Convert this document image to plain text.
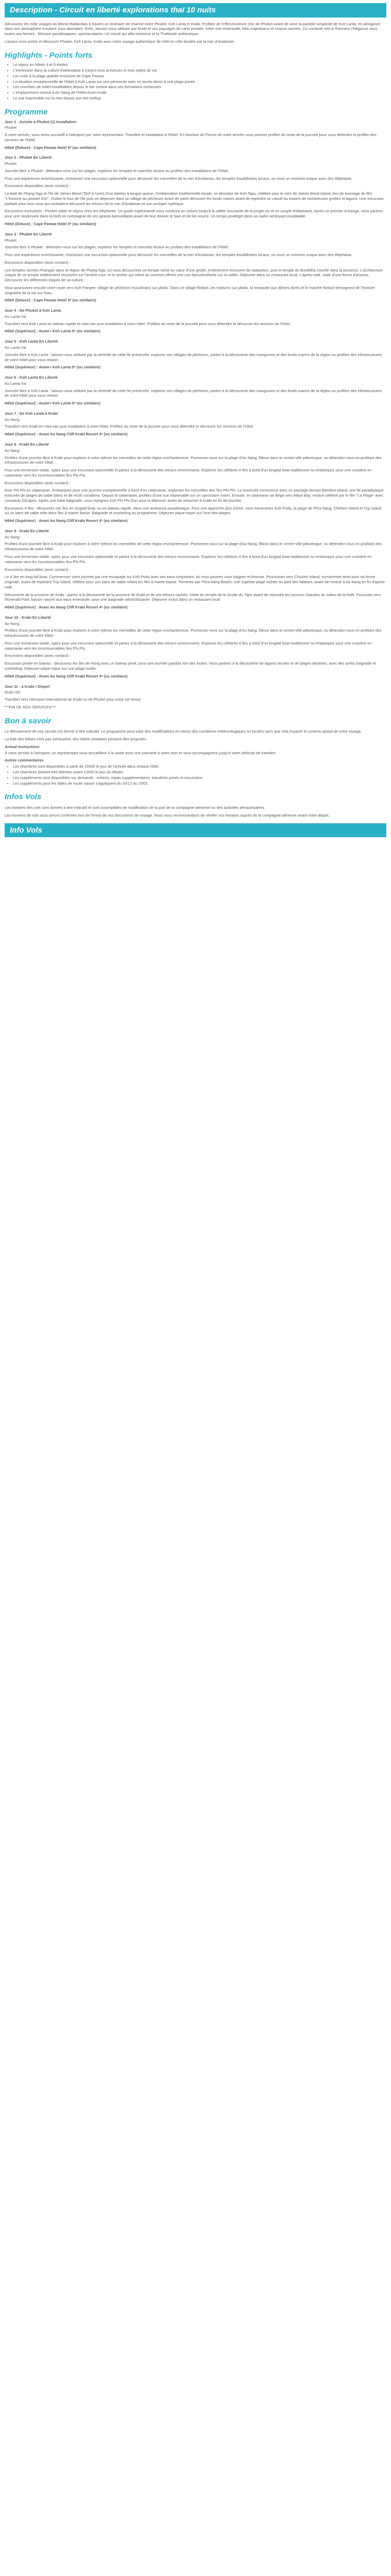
Description - Circuit en liberté explorations thaï 10 nuits

Découvrez les mille visages du littoral thaïlandais à travers un itinéraire de charme entre Phuket, Koh Lanta et Krabi. Profitez de l'effervescence chic de Phuket avant de vivre la paisible simplicité de Koh Lanta, en plongeant dans son atmosphère insulaire sous abondant. Enfin, laissez-vous séduire par Krabi et ses paysages de carte postale, entre mer émeraude, falis majestueux et cirques secrets. Ce combiné met à l'honneur l'élégance sous toutes ses formes : littoraux paradisiaques, spectaculaires. Un circuit qui allie exotisme et la Thaïlande authentique.

Laissez-vous porter et découvrir Phuket, Koh Lanta, Krabi avec notre voyage authentique de côté en côte bordée par la mer d'Andaman.

Highlights - Points forts
• Le séjour en hôtels 4 et 5 étoiles
• L'immersion dans la culture thaïlandaise à travers trois provinces et trois styles de vie
• Les nuits à la plage grande exclusive de Cape Panwa
• La situation exceptionnelle de l'hôtel à Koh Lanta sur une péninsule avec un accès direct à une plage privée
• Les couchers de soleil inoubliables depuis le bar central dans ses formations rocheuses
• L'emplacement central à Ao Nang de l'hôtel Avani Krabi
• Le vue imprenable sur la mer depuis son toit rooftop
Programme
Jour 1 - Arrivée à Phuket (1) Installation
Phuket

À votre arrivée, vous serez accueilli à l'aéroport par votre représentant. Transfert et installation à l'hôtel. En fonction de l'heure de votre arrivée vous pourrez profiter du reste de la journée pour vous détendre et profiter des services de l'hôtel.

Hôtel (Deluxe) : Cape Panwa Hotel 5* (ou similaire)
Jour 2 - Phuket En Liberté
Phuket

Journée libre à Phuket : détendez-vous sur les plages, explorez les temples et marchés locaux ou profitez des installations de l'hôtel.

Pour une expérience enrichissante, choisissez une excursion optionnelle pour découvrir les merveilles de la mer d'Andaman, les temples bouddhistes locaux, ou vivre un moment unique avec des éléphants.

Excursions disponibles (avec contact) :

La baie de Phang Nga et l'île de James Bond (Tarif à l'avis) D'un bateau à longue queue, l'embarcation traditionnelle locale, en direction de Koh Tapu, célèbre pour le nom de James Bond Island, lieu de tournage du film "L'homme au pistolet d'or". Visitez le tour de l'île puis un déjeuner dans un village de pêcheurs avant de partir découvrir les fonds marins avant de rejoindre un canoë au travers de nombreuses grottes et lagons. Une excursion parfaite pour tous ceux qui souhaitent découvrir les trésors de la mer d'Andaman et son archipel mythique.

Excursions exclusives : Phuket safari et séjour chez les éléphants. Un guide expérimenté vous conduira en voiture jusqu'à la vallée luxuriante de la jungle où vit un couple d'éléphants. Après un premier échange, vous partirez pour une randonnée dans la forêt en compagnie de ces géants bienveillants avant de leur donner le bain et de les nourrir. Un temps privilégié dans un cadre verdoyant inoubliable.

Hôtel (Deluxe) : Cape Panwa Hotel 5* (ou similaire)
Jour 3 - Phuket En Liberté
Phuket

Journée libre à Phuket : détendez-vous sur les plages, explorez les temples et marchés locaux ou profitez des installations de l'hôtel.

Pour une expérience enrichissante, choisissez une excursion optionnelle pour découvrir les merveilles de la mer d'Andaman, les temples bouddhistes locaux, ou vivre un moment unique avec des éléphants.

Excursions disponibles (avec contact) :

Les temples secrets Phangan dans la région de Phang Nga, où vous découvrirez un temple niché au cœur d'une grotte, entièrement recouvert de stalactites, puis le temple du Bouddha couché dans la province. L'architecture unique de ce temple entièrement recouvert sur l'arrière-cour, et le sentier qui mène au sommet offrent une vue époustouflante sur la vallée. Déjeuner dans un restaurant local. L'après-midi, visite d'une ferme d'ananas. Découvrez les différentes étapes de sa culture.

Vous poursuivez ensuite votre route vers Koh Panyee, village de pêcheurs musulmans sur pilotis. Dans ce village flottant, les maisons sur pilotis, la mosquée aux dômes dorés et le marché flottant témoignent de l'histoire singulière de la vie sur l'eau.

Hôtel (Deluxe) : Cape Panwa Hotel 5* (ou similaire)
Jour 4 - De Phuket à Koh Lanta
Ko Lanta Yai

Transfert vers Koh Lanta en bateau rapide et mini-van puis installation à votre hôtel. Profitez du reste de la journée pour vous détendre et découvrir les services de l'hôtel.

Hôtel (Supérieur) : Avani+ Koh Lanta 5* (ou similaire)
Jour 5 - Koh Lanta En Liberté
Ko Lanta Yai

Journée libre à Koh Lanta : laissez-vous séduire par la sérénité de cette île préservée, explorez ses villages de pêcheurs, partez à la découverte des mangroves et des fonds marins de la région ou profitez des infrastructures de votre hôtel pour vous relaxer.

Hôtel (Supérieur) : Avani+ Koh Lanta 5* (ou similaire)
Jour 6 - Koh Lanta En Liberté
Ko Lanta Yai

Journée libre à Koh Lanta : laissez-vous séduire par la sérénité de cette île préservée, explorez ses villages de pêcheurs, partez à la découverte des mangroves et des fonds marins de la région ou profitez des infrastructures de votre hôtel pour vous relaxer.

Hôtel (Supérieur) : Avani+ Koh Lanta 5* (ou similaire)
Jour 7 - De Koh Lanta à Krabi
Ao Nang

Transfert vers Krabi en mini-van puis installation à votre hôtel. Profitez du reste de la journée pour vous détendre et découvrir les services de l'hôtel.

Hôtel (Supérieur) : Avani Ao Nang Cliff Krabi Resort 4* (ou similaire)
Jour 8 - Krabi En Liberté
Ao Nang

Profitez d'une journée libre à Krabi pour explorer à votre rythme les merveilles de cette région enchanteresse. Promenez-vous sur la plage d'Ao Nang, flânez dans le centre-ville pittoresque, ou détendez-vous en profitant des infrastructures de votre hôtel.

Pour une immersion totale, optez pour une excursion optionnelle et partez à la découverte des trésors environnants. Explorez les célèbres 4 îles à bord d'un longtail boat traditionnel ou embarquez pour une croisière en catamaran vers les incontournables îles Phi Phi.

Excursions disponibles (avec contact) :

Ever Phi Phi en catamaran. Embarquez pour une journée exceptionnelle à bord d'un catamaran, explorant les merveilles des îles Phi Phi. La traversée commence avec un passage devant Bamboo Island, une île paradisiaque entourée de plages de sable blanc et de récifs coralliens. Depuis le catamaran, profitez d'une vue imprenable sur un sanctuaire marin. Ensuite, le catamaran se dirige vers Maya Bay, rendue célèbre par le film "La Plage" avec Leonardo DiCaprio. Après une halte baignade, vous rejoignez Koh Phi Phi Don pour le déjeuner avant de retourner à Krabi en fin de journée.

Excursions 4 îles : découvrez ces îles en longtail boat, ou en bateau rapide, dans une ambiance paradisiaque. Pour une approche plus intime, vous traverserez Koh Poda, la plage de Phra Nang, Chicken Island et Tup Island où un banc de sable relie deux îles à marée basse. Baignade et snorkeling au programme. Déjeuner pique-nique sur l'une des plages.

Hôtel (Supérieur) : Avani Ao Nang Cliff Krabi Resort 4* (ou similaire)
Jour 9 - Krabi En Liberté
Ao Nang

Profitez d'une journée libre à Krabi pour explorer à votre rythme les merveilles de cette région enchanteresse. Promenez-vous sur la plage d'Ao Nang, flânez dans le centre-ville pittoresque, ou détendez-vous en profitant des infrastructures de votre hôtel.

Pour une immersion totale, optez pour une excursion optionnelle et partez à la découverte des trésors environnants. Explorez les célèbres 4 îles à bord d'un longtail boat traditionnel ou embarquez pour une croisière en catamaran vers les incontournables îles Phi Phi.

Excursions disponibles (avec contact) :

Le 4 îles en long tail boat. Commencez votre journée par une escapade sur Koh Poda avec ses eaux turquoises, où vous pourrez vous baigner et bronzer. Poursuivez vers Chicken Island, surnommée ainsi pour sa forme originale, avant de rejoindre Tup Island, célèbre pour son banc de sable reliant les îles à marée basse. Terminez par Phra Nang Beach, une superbe plage nichée au pied des falaises, avant de revenir à Ao Nang en fin d'après-midi.

Découverte de la province de Krabi : partez à la découverte de la province de Krabi et de ses trésors cachés. Visite du temple de la Grotte du Tigre avant de rejoindre les sources chaudes au milieu de la forêt. Poursuite vers l'Emerald Pool, bassin naturel aux eaux émeraude, pour une baignade rafraîchissante. Déjeuner inclus dans un restaurant local.

Hôtel (Supérieur) : Avani Ao Nang Cliff Krabi Resort 4* (ou similaire)
Jour 10 - Krabi En Liberté
Ao Nang

Profitez d'une journée libre à Krabi pour explorer à votre rythme les merveilles de cette région enchanteresse. Promenez-vous sur la plage d'Ao Nang, flânez dans le centre-ville pittoresque, ou détendez-vous en profitant des infrastructures de votre hôtel.

Pour une immersion totale, optez pour une excursion optionnelle et partez à la découverte des trésors environnants. Explorez les célèbres 4 îles à bord d'un longtail boat traditionnel ou embarquez pour une croisière en catamaran vers les incontournables îles Phi Phi.

Excursions disponibles (avec contact) :

Excursion privée en bateau : découvrez les îles de Hong avec un bateau privé, pour une journée paisible loin des foules. Vous partirez à la découverte de lagons secrets et de plages désertes, avec des arrêts baignade et snorkeling. Déjeuner pique-nique sur une plage isolée.

Hôtel (Supérieur) : Avani Ao Nang Cliff Krabi Resort 4* (ou similaire)
Jour 11 - à Krabi / Départ
Krabi Vol

Transfert vers l'aéroport international de Krabi ou de Phuket pour votre vol retour.

***FIN DE NOS SERVICES***

Bon à savoir

Le déroulement de nos circuits est donné à titre indicatif. Le programme peut subir des modifications en raison des conditions météorologiques ou locales sans que cela impacte le contenu global de votre voyage.

La liste des hôtels n'est pas exhaustive, des hôtels similaires peuvent être proposés.

Arrival instructions

À votre arrivée à l'aéroport, un représentant vous accueillera à la sortie avec une pancarte à votre nom et vous accompagnera jusqu'à votre véhicule de transfert.

Autres commentaires
• Les chambres sont disponibles à partir de 15h00 le jour de l'arrivée dans chaque hôtel.
• Les chambres doivent être libérées avant 12h00 le jour du départ.
• Les suppléments sont disponibles sur demande : enfants, repas supplémentaires, transferts privés et excursions.
• Les suppléments pour les dates de haute saison s'appliquent du 20/12 au 10/01.
Infos Vols

Les horaires des vols sont donnés à titre indicatif et sont susceptibles de modification de la part de la compagnie aérienne ou des autorités aéroportuaires.

Les horaires de vols vous seront confirmés lors de l'envoi de vos documents de voyage. Nous vous recommandons de vérifier vos horaires auprès de la compagnie aérienne avant votre départ.

Info Vols
